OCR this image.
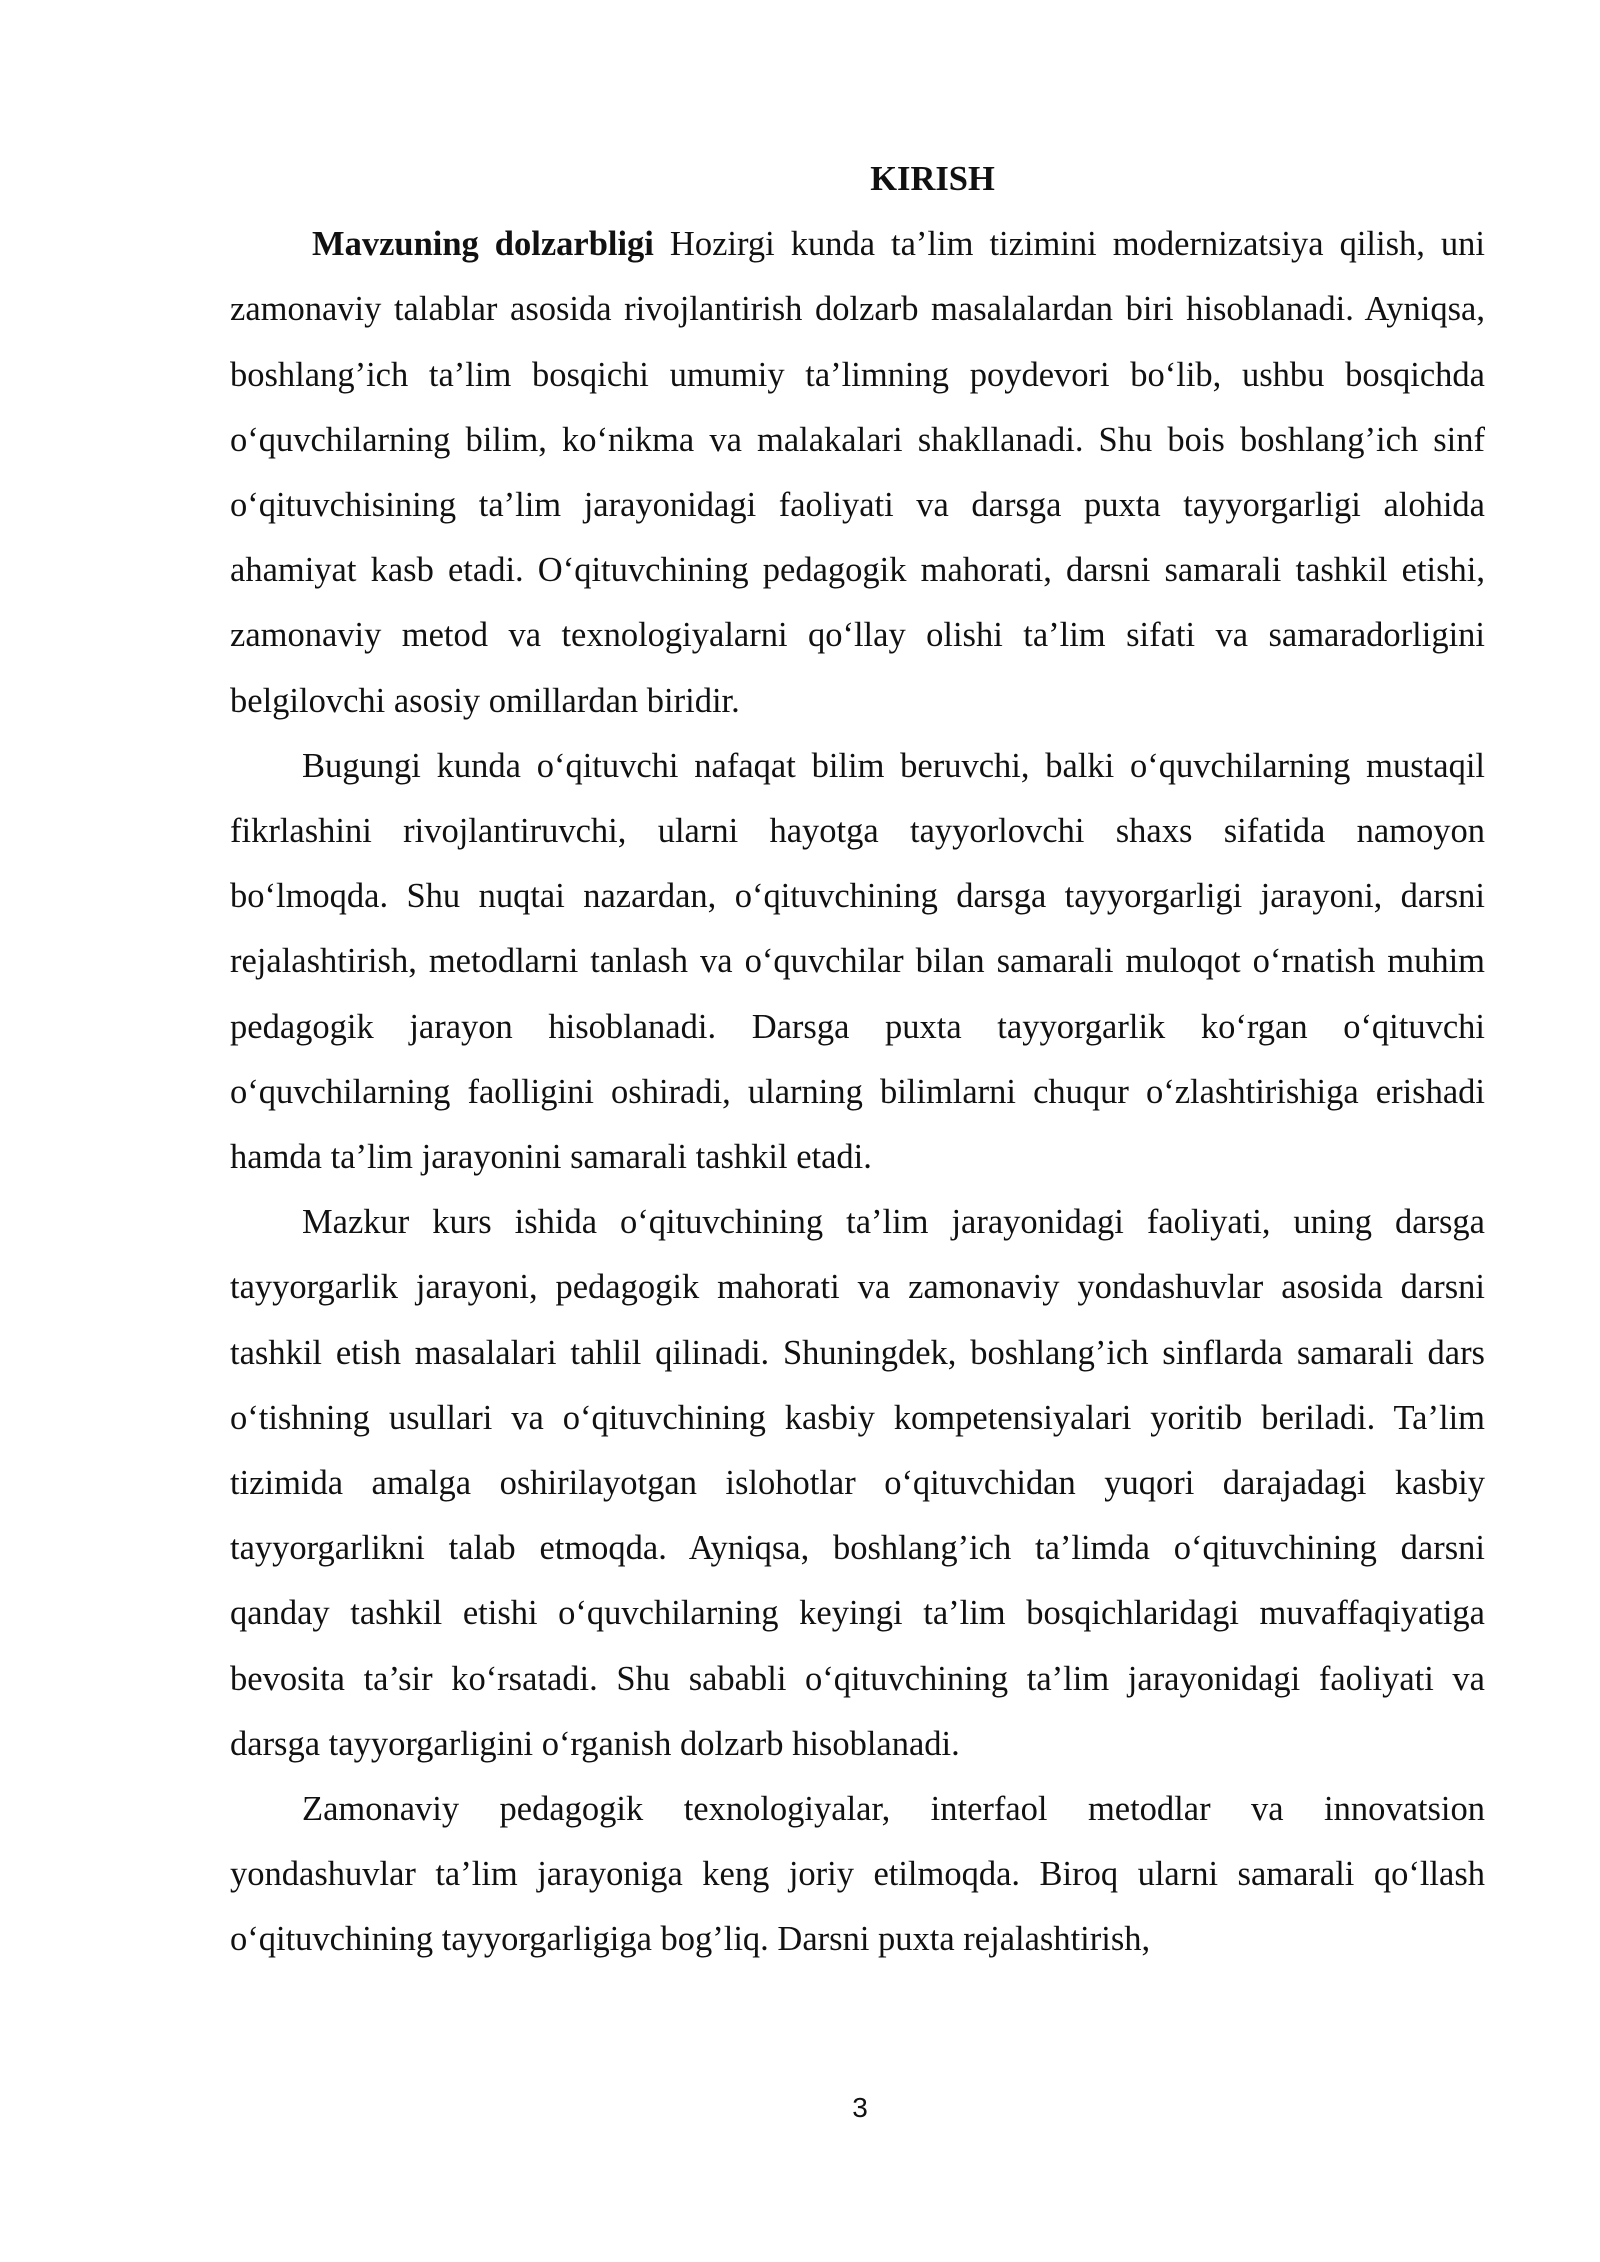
KIRISH

Mavzuning dolzarbligi Hozirgi kunda ta’lim tizimini modernizatsiya qilish, uni zamonaviy talablar asosida rivojlantirish dolzarb masalalardan biri hisoblanadi. Ayniqsa, boshlang’ich ta’lim bosqichi umumiy ta’limning poydevori bo‘lib, ushbu bosqichda o‘quvchilarning bilim, ko‘nikma va malakalari shakllanadi. Shu bois boshlang’ich sinf o‘qituvchisining ta’lim jarayonidagi faoliyati va darsga puxta tayyorgarligi alohida ahamiyat kasb etadi. O‘qituvchining pedagogik mahorati, darsni samarali tashkil etishi, zamonaviy metod va texnologiyalarni qo‘llay olishi ta’lim sifati va samaradorligini belgilovchi asosiy omillardan biridir.

Bugungi kunda o‘qituvchi nafaqat bilim beruvchi, balki o‘quvchilarning mustaqil fikrlashini rivojlantiruvchi, ularni hayotga tayyorlovchi shaxs sifatida namoyon bo‘lmoqda. Shu nuqtai nazardan, o‘qituvchining darsga tayyorgarligi jarayoni, darsni rejalashtirish, metodlarni tanlash va o‘quvchilar bilan samarali muloqot o‘rnatish muhim pedagogik jarayon hisoblanadi. Darsga puxta tayyorgarlik ko‘rgan o‘qituvchi o‘quvchilarning faolligini oshiradi, ularning bilimlarni chuqur o‘zlashtirishiga erishadi hamda ta’lim jarayonini samarali tashkil etadi.

Mazkur kurs ishida o‘qituvchining ta’lim jarayonidagi faoliyati, uning darsga tayyorgarlik jarayoni, pedagogik mahorati va zamonaviy yondashuvlar asosida darsni tashkil etish masalalari tahlil qilinadi. Shuningdek, boshlang’ich sinflarda samarali dars o‘tishning usullari va o‘qituvchining kasbiy kompetensiyalari yoritib beriladi. Ta’lim tizimida amalga oshirilayotgan islohotlar o‘qituvchidan yuqori darajadagi kasbiy tayyorgarlikni talab etmoqda. Ayniqsa, boshlang’ich ta’limda o‘qituvchining darsni qanday tashkil etishi o‘quvchilarning keyingi ta’lim bosqichlaridagi muvaffaqiyatiga bevosita ta’sir ko‘rsatadi. Shu sababli o‘qituvchining ta’lim jarayonidagi faoliyati va darsga tayyorgarligini o‘rganish dolzarb hisoblanadi.

Zamonaviy pedagogik texnologiyalar, interfaol metodlar va innovatsion yondashuvlar ta’lim jarayoniga keng joriy etilmoqda. Biroq ularni samarali qo‘llash o‘qituvchining tayyorgarligiga bog’liq. Darsni puxta rejalashtirish,

3
